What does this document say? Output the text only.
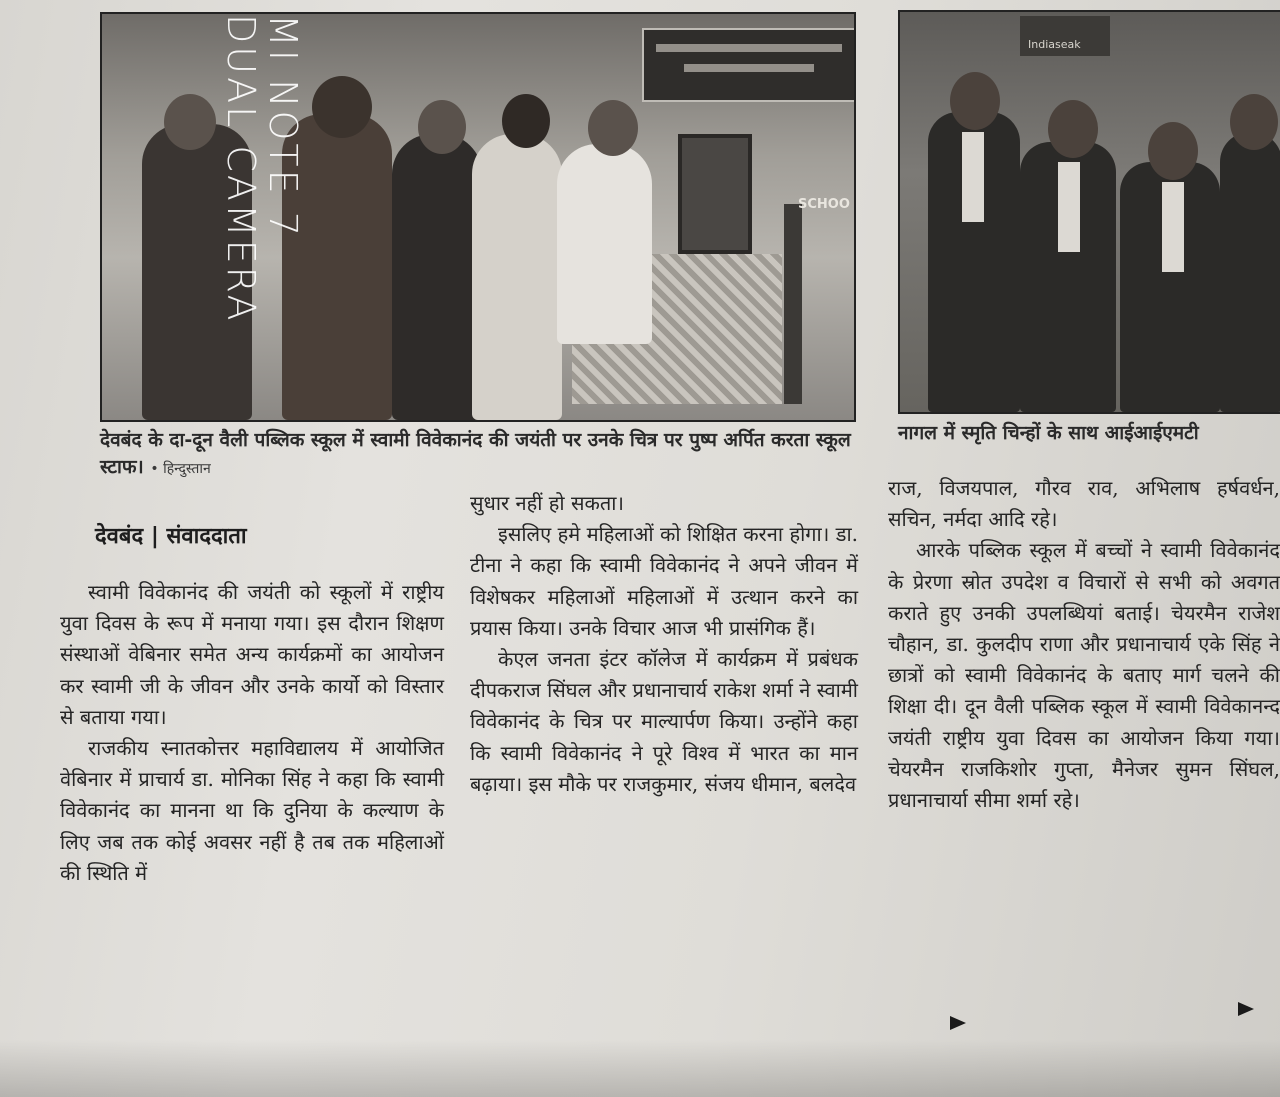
SCHOO
MI NOTE 7
DUAL CAMERA	Indiaseak
देवबंद के दा-दून वैली पब्लिक स्कूल में स्वामी विवेकानंद की जयंती पर उनके चित्र पर पुष्प अर्पित करता स्कूल स्टाफ। • हिन्दुस्तान
नागल में स्मृति चिन्हों के साथ आईआईएमटी
देवबंद | संवाददाता

स्वामी विवेकानंद की जयंती को स्कूलों में राष्ट्रीय युवा दिवस के रूप में मनाया गया। इस दौरान शिक्षण संस्थाओं वेबिनार समेत अन्य कार्यक्रमों का आयोजन कर स्वामी जी के जीवन और उनके कार्यो को विस्तार से बताया गया।

राजकीय स्नातकोत्तर महाविद्यालय में आयोजित वेबिनार में प्राचार्य डा. मोनिका सिंह ने कहा कि स्वामी विवेकानंद का मानना था कि दुनिया के कल्याण के लिए जब तक कोई अवसर नहीं है तब तक महिलाओं की स्थिति में

सुधार नहीं हो सकता।

इसलिए हमे महिलाओं को शिक्षित करना होगा। डा. टीना ने कहा कि स्वामी विवेकानंद ने अपने जीवन में विशेषकर महिलाओं महिलाओं में उत्थान करने का प्रयास किया। उनके विचार आज भी प्रासंगिक हैं।

केएल जनता इंटर कॉलेज में कार्यक्रम में प्रबंधक दीपकराज सिंघल और प्रधानाचार्य राकेश शर्मा ने स्वामी विवेकानंद के चित्र पर माल्यार्पण किया। उन्होंने कहा कि स्वामी विवेकानंद ने पूरे विश्व में भारत का मान बढ़ाया। इस मौके पर राजकुमार, संजय धीमान, बलदेव

राज, विजयपाल, गौरव राव, अभिलाष हर्षवर्धन, सचिन, नर्मदा आदि रहे।

आरके पब्लिक स्कूल में बच्चों ने स्वामी विवेकानंद के प्रेरणा स्रोत उपदेश व विचारों से सभी को अवगत कराते हुए उनकी उपलब्धियां बताई। चेयरमैन राजेश चौहान, डा. कुलदीप राणा और प्रधानाचार्य एके सिंह ने छात्रों को स्वामी विवेकानंद के बताए मार्ग चलने की शिक्षा दी। दून वैली पब्लिक स्कूल में स्वामी विवेकानन्द जयंती राष्ट्रीय युवा दिवस का आयोजन किया गया। चेयरमैन राजकिशोर गुप्ता, मैनेजर सुमन सिंघल, प्रधानाचार्या सीमा शर्मा रहे।
